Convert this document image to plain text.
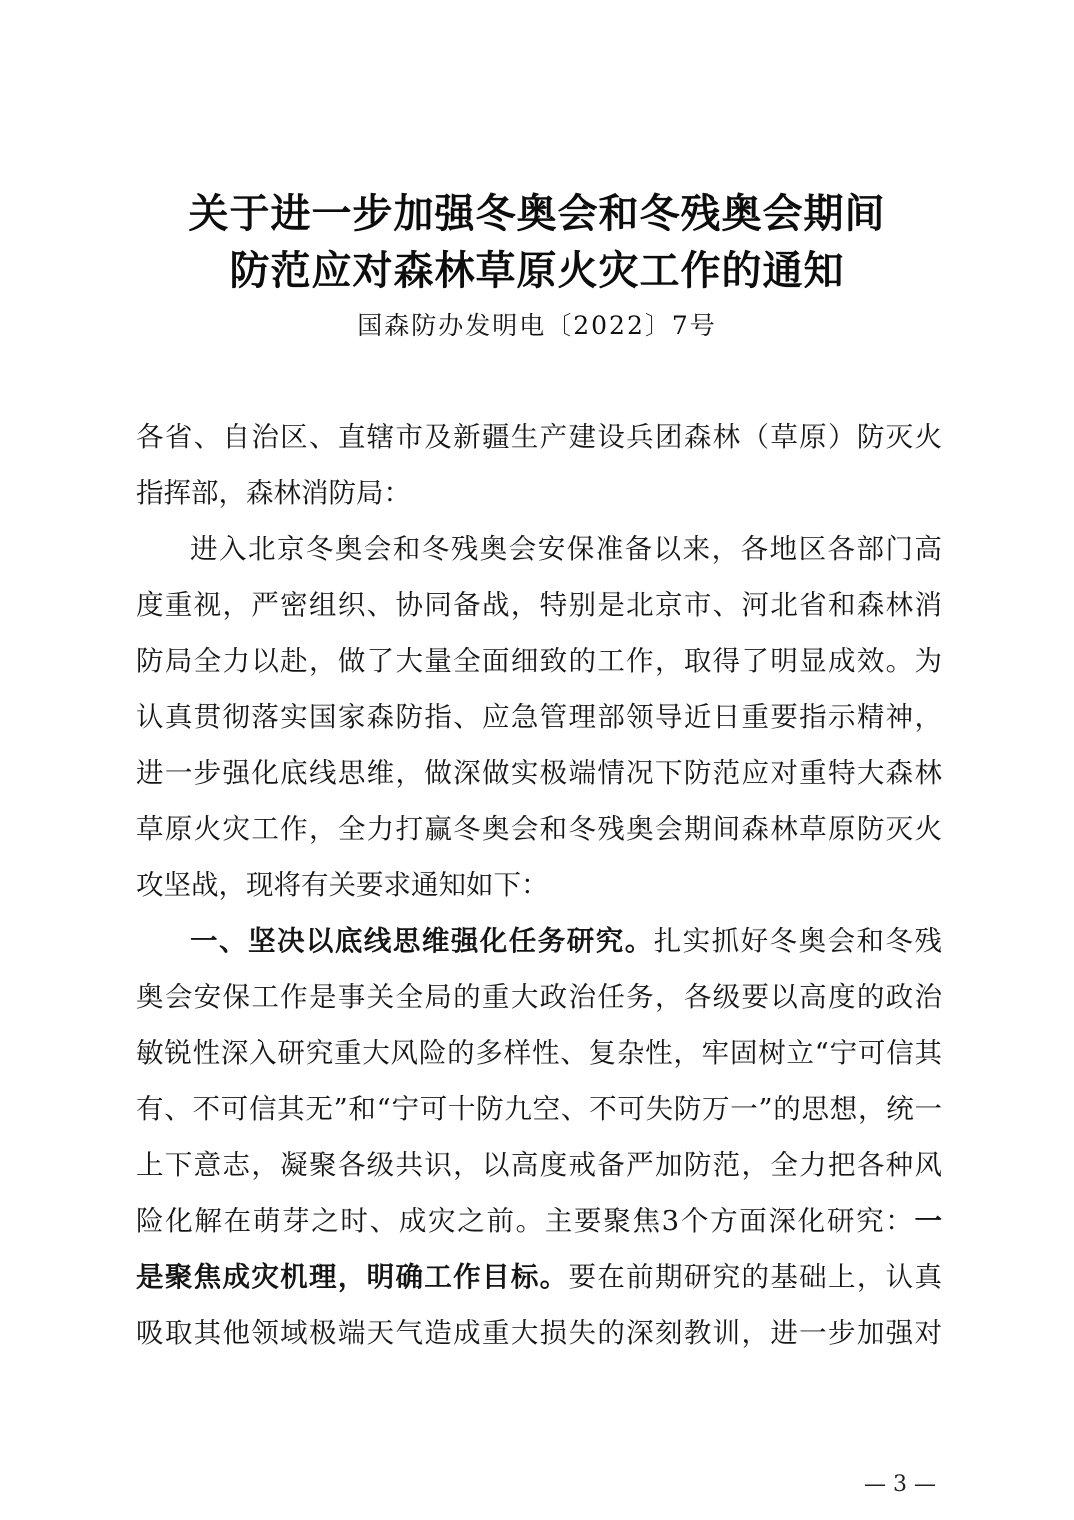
关于进一步加强冬奥会和冬残奥会期间
防范应对森林草原火灾工作的通知
国森防办发明电〔2022〕7号
各省、自治区、直辖市及新疆生产建设兵团森林（草原）防灭火
指挥部，森林消防局：
进入北京冬奥会和冬残奥会安保准备以来，各地区各部门高
度重视，严密组织、协同备战，特别是北京市、河北省和森林消
防局全力以赴，做了大量全面细致的工作，取得了明显成效。为
认真贯彻落实国家森防指、应急管理部领导近日重要指示精神，
进一步强化底线思维，做深做实极端情况下防范应对重特大森林
草原火灾工作，全力打赢冬奥会和冬残奥会期间森林草原防灭火
攻坚战，现将有关要求通知如下：
一、坚决以底线思维强化任务研究。扎实抓好冬奥会和冬残
奥会安保工作是事关全局的重大政治任务，各级要以高度的政治
敏锐性深入研究重大风险的多样性、复杂性，牢固树立“宁可信其
有、不可信其无”和“宁可十防九空、不可失防万一”的思想，统一
上下意志，凝聚各级共识，以高度戒备严加防范，全力把各种风
险化解在萌芽之时、成灾之前。主要聚焦3个方面深化研究：一
是聚焦成灾机理，明确工作目标。要在前期研究的基础上，认真
吸取其他领域极端天气造成重大损失的深刻教训，进一步加强对
— 3 —
